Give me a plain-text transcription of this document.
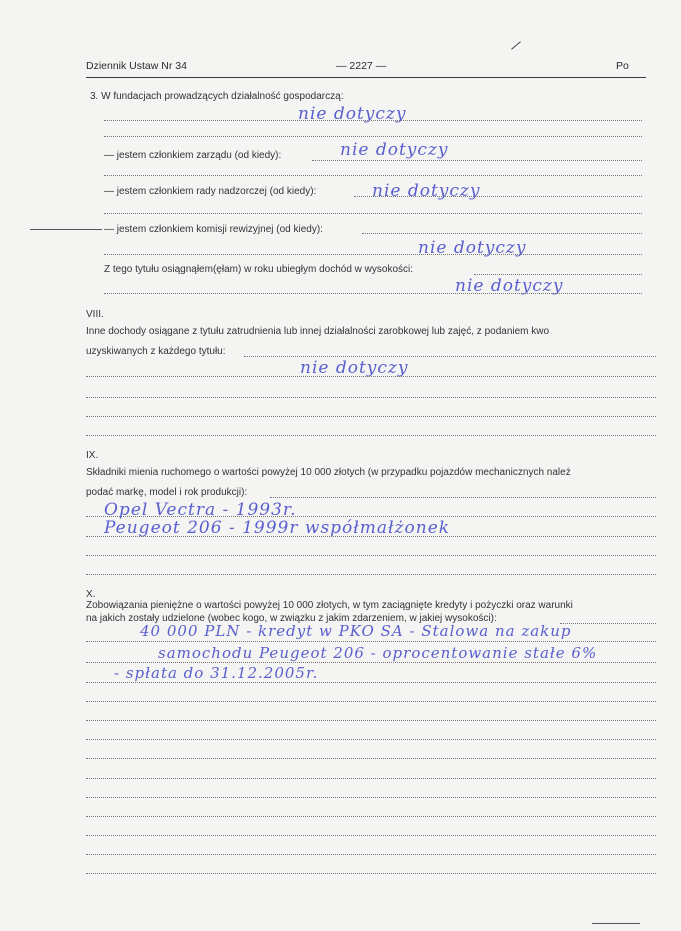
Dziennik Ustaw Nr 34	— 2227 —	Po
3. W fundacjach prowadzących działalność gospodarczą:
nie dotyczy
— jestem członkiem zarządu (od kiedy):	nie dotyczy
— jestem członkiem rady nadzorczej (od kiedy):	nie dotyczy
— jestem członkiem komisji rewizyjnej (od kiedy):
nie dotyczy
Z tego tytułu osiągnąłem(ęłam) w roku ubiegłym dochód w wysokości:
nie dotyczy
VIII.
Inne dochody osiągane z tytułu zatrudnienia lub innej działalności zarobkowej lub zajęć, z podaniem kwo
uzyskiwanych z każdego tytułu:
nie dotyczy
IX.
Składniki mienia ruchomego o wartości powyżej 10 000 złotych (w przypadku pojazdów mechanicznych należ
podać markę, model i rok produkcji):
Opel Vectra - 1993r.
Peugeot 206 - 1999r współmałżonek
X.
Zobowiązania pieniężne o wartości powyżej 10 000 złotych, w tym zaciągnięte kredyty i pożyczki oraz warunki
na jakich zostały udzielone (wobec kogo, w związku z jakim zdarzeniem, w jakiej wysokości):
40 000 PLN - kredyt w PKO SA - Stalowa na zakup
samochodu Peugeot 206 - oprocentowanie stałe 6%
- spłata do 31.12.2005r.
